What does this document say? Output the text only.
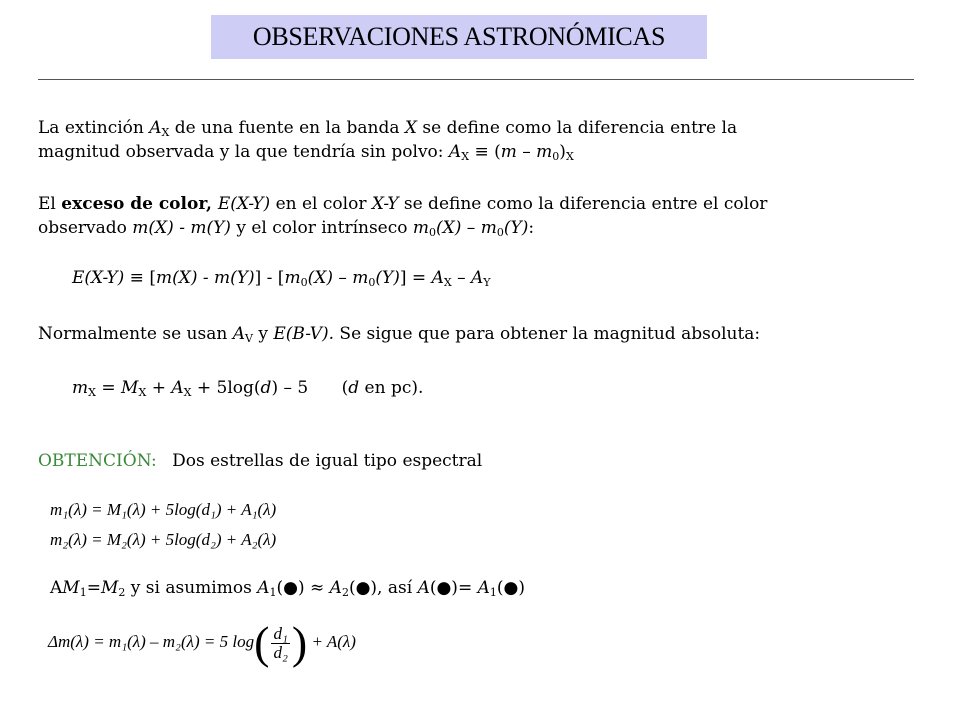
OBSERVACIONES ASTRONÓMICAS
La extinción $A_X$ de una fuente en la banda X se define como la diferencia entre la
magnitud observada y la que tendría sin polvo: $A_X \equiv (m - m_0)_X$
El exceso de color, E(X-Y) en el color X-Y se define como la diferencia entre el color
observado m(X) - m(Y) y el color intrínseco $m_0(X) - m_0(Y)$:
$E(X-Y) \equiv [m(X) - m(Y)] - [m_0(X) - m_0(Y)] = A_X - A_Y$
Normalmente se usan $A_V$ y E(B-V). Se sigue que para obtener la magnitud absoluta:
$m_X = M_X + A_X + 5\log(d) - 5$ (d en pc).
OBTENCIÓN: Dos estrellas de igual tipo espectral
m₁(λ) = M₁(λ) + 5log(d₁) + A₁(λ)
m₂(λ) = M₂(λ) + 5log(d₂) + A₂(λ)
$AM_1=M_2$ y si asumimos $A_1(●)$ ≈ $A_2(●)$, así A(●)= $A_1(●)$
Δm(λ) = m₁(λ) – m₂(λ) = 5 $\log( \frac{\text{d₁}}{\text{d₂}}$ ) + A(λ)
